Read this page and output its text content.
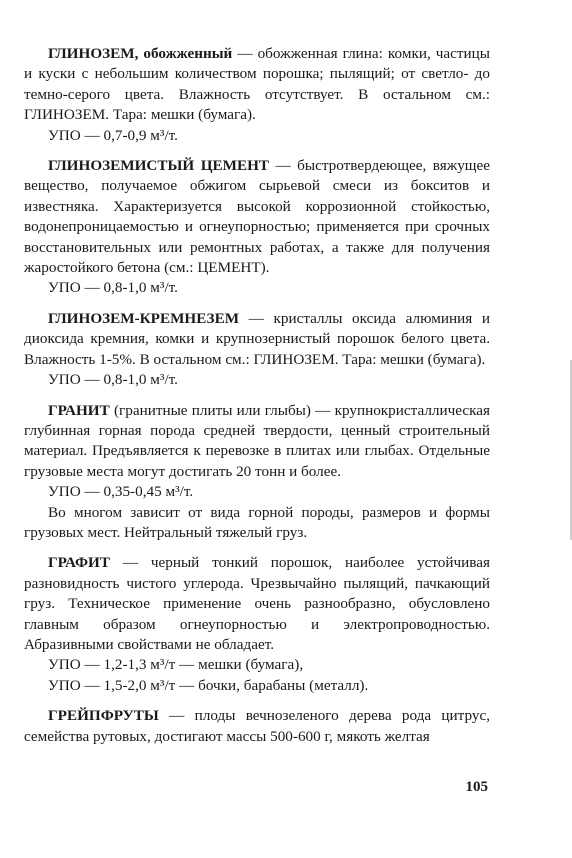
ГЛИНОЗЕМ, обожженный — обожженная глина: комки, частицы и куски с небольшим количеством порошка; пылящий; от светло- до темно-серого цвета. Влажность отсутствует. В остальном см.: ГЛИНОЗЕМ. Тара: мешки (бумага).

УПО — 0,7-0,9 м³/т.

ГЛИНОЗЕМИСТЫЙ ЦЕМЕНТ — быстротвердеющее, вяжущее вещество, получаемое обжигом сырьевой смеси из бокситов и известняка. Характеризуется высокой коррозионной стойкостью, водонепроницаемостью и огнеупорностью; применяется при срочных восстановительных или ремонтных работах, а также для получения жаростойкого бетона (см.: ЦЕМЕНТ).

УПО — 0,8-1,0 м³/т.

ГЛИНОЗЕМ-КРЕМНЕЗЕМ — кристаллы оксида алюминия и диоксида кремния, комки и крупнозернистый порошок белого цвета. Влажность 1-5%. В остальном см.: ГЛИНОЗЕМ. Тара: мешки (бумага).

УПО — 0,8-1,0 м³/т.

ГРАНИТ (гранитные плиты или глыбы) — крупнокристаллическая глубинная горная порода средней твердости, ценный строительный материал. Предъявляется к перевозке в плитах или глыбах. Отдельные грузовые места могут достигать 20 тонн и более.

УПО — 0,35-0,45 м³/т.

Во многом зависит от вида горной породы, размеров и формы грузовых мест. Нейтральный тяжелый груз.

ГРАФИТ — черный тонкий порошок, наиболее устойчивая разновидность чистого углерода. Чрезвычайно пылящий, пачкающий груз. Техническое применение очень разнообразно, обусловлено главным образом огнеупорностью и электропроводностью. Абразивными свойствами не обладает.

УПО — 1,2-1,3 м³/т — мешки (бумага),

УПО — 1,5-2,0 м³/т — бочки, барабаны (металл).

ГРЕЙПФРУТЫ — плоды вечнозеленого дерева рода цитрус, семейства рутовых, достигают массы 500-600 г, мякоть желтая

105
